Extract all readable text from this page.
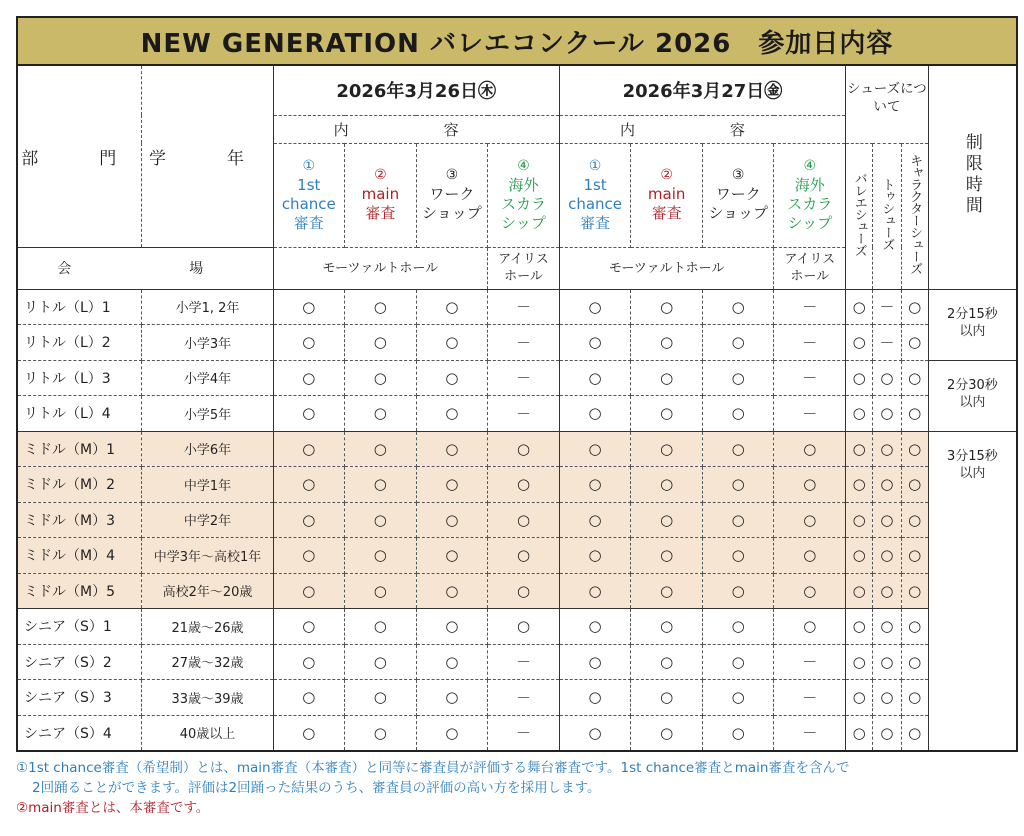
NEW GENERATION バレエコンクール 2026　参加日内容
部　門	学　年	2026年3月26日㊍				2026年3月27日㊎				シューズについて			制限時間
		内　容				内　容							

		①
1st
chance
審査	②
main
審査	③
ワーク
ショップ	④
海外
スカラ
シップ	①
1st
chance
審査	②
main
審査	③
ワーク
ショップ	④
海外
スカラ
シップ	バレエシューズ	トゥシューズ	キャラクターシューズ	
会　　場		モーツァルトホール			アイリス
ホール	モーツァルトホール			アイリス
ホール				
リトル（L）1	小学1, 2年	○	○	○	－	○	○	○	－	○	－	○	2分15秒
以内
リトル（L）2	小学3年	○	○	○	－	○	○	○	－	○	－	○	
リトル（L）3	小学4年	○	○	○	－	○	○	○	－	○	○	○	2分30秒
以内
リトル（L）4	小学5年	○	○	○	－	○	○	○	－	○	○	○	
ミドル（M）1	小学6年	○	○	○	○	○	○	○	○	○	○	○	3分15秒
以内
ミドル（M）2	中学1年	○	○	○	○	○	○	○	○	○	○	○	
ミドル（M）3	中学2年	○	○	○	○	○	○	○	○	○	○	○	
ミドル（M）4	中学3年～高校1年	○	○	○	○	○	○	○	○	○	○	○	
ミドル（M）5	高校2年～20歳	○	○	○	○	○	○	○	○	○	○	○	
シニア（S）1	21歳～26歳	○	○	○	○	○	○	○	○	○	○	○	
シニア（S）2	27歳～32歳	○	○	○	－	○	○	○	－	○	○	○	
シニア（S）3	33歳～39歳	○	○	○	－	○	○	○	－	○	○	○	
シニア（S）4	40歳以上	○	○	○	－	○	○	○	－	○	○	○	

①1st chance審査（希望制）とは、main審査（本審査）と同等に審査員が評価する舞台審査です。1st chance審査とmain審査を含んで

2回踊ることができます。評価は2回踊った結果のうち、審査員の評価の高い方を採用します。

②main審査とは、本審査です。
